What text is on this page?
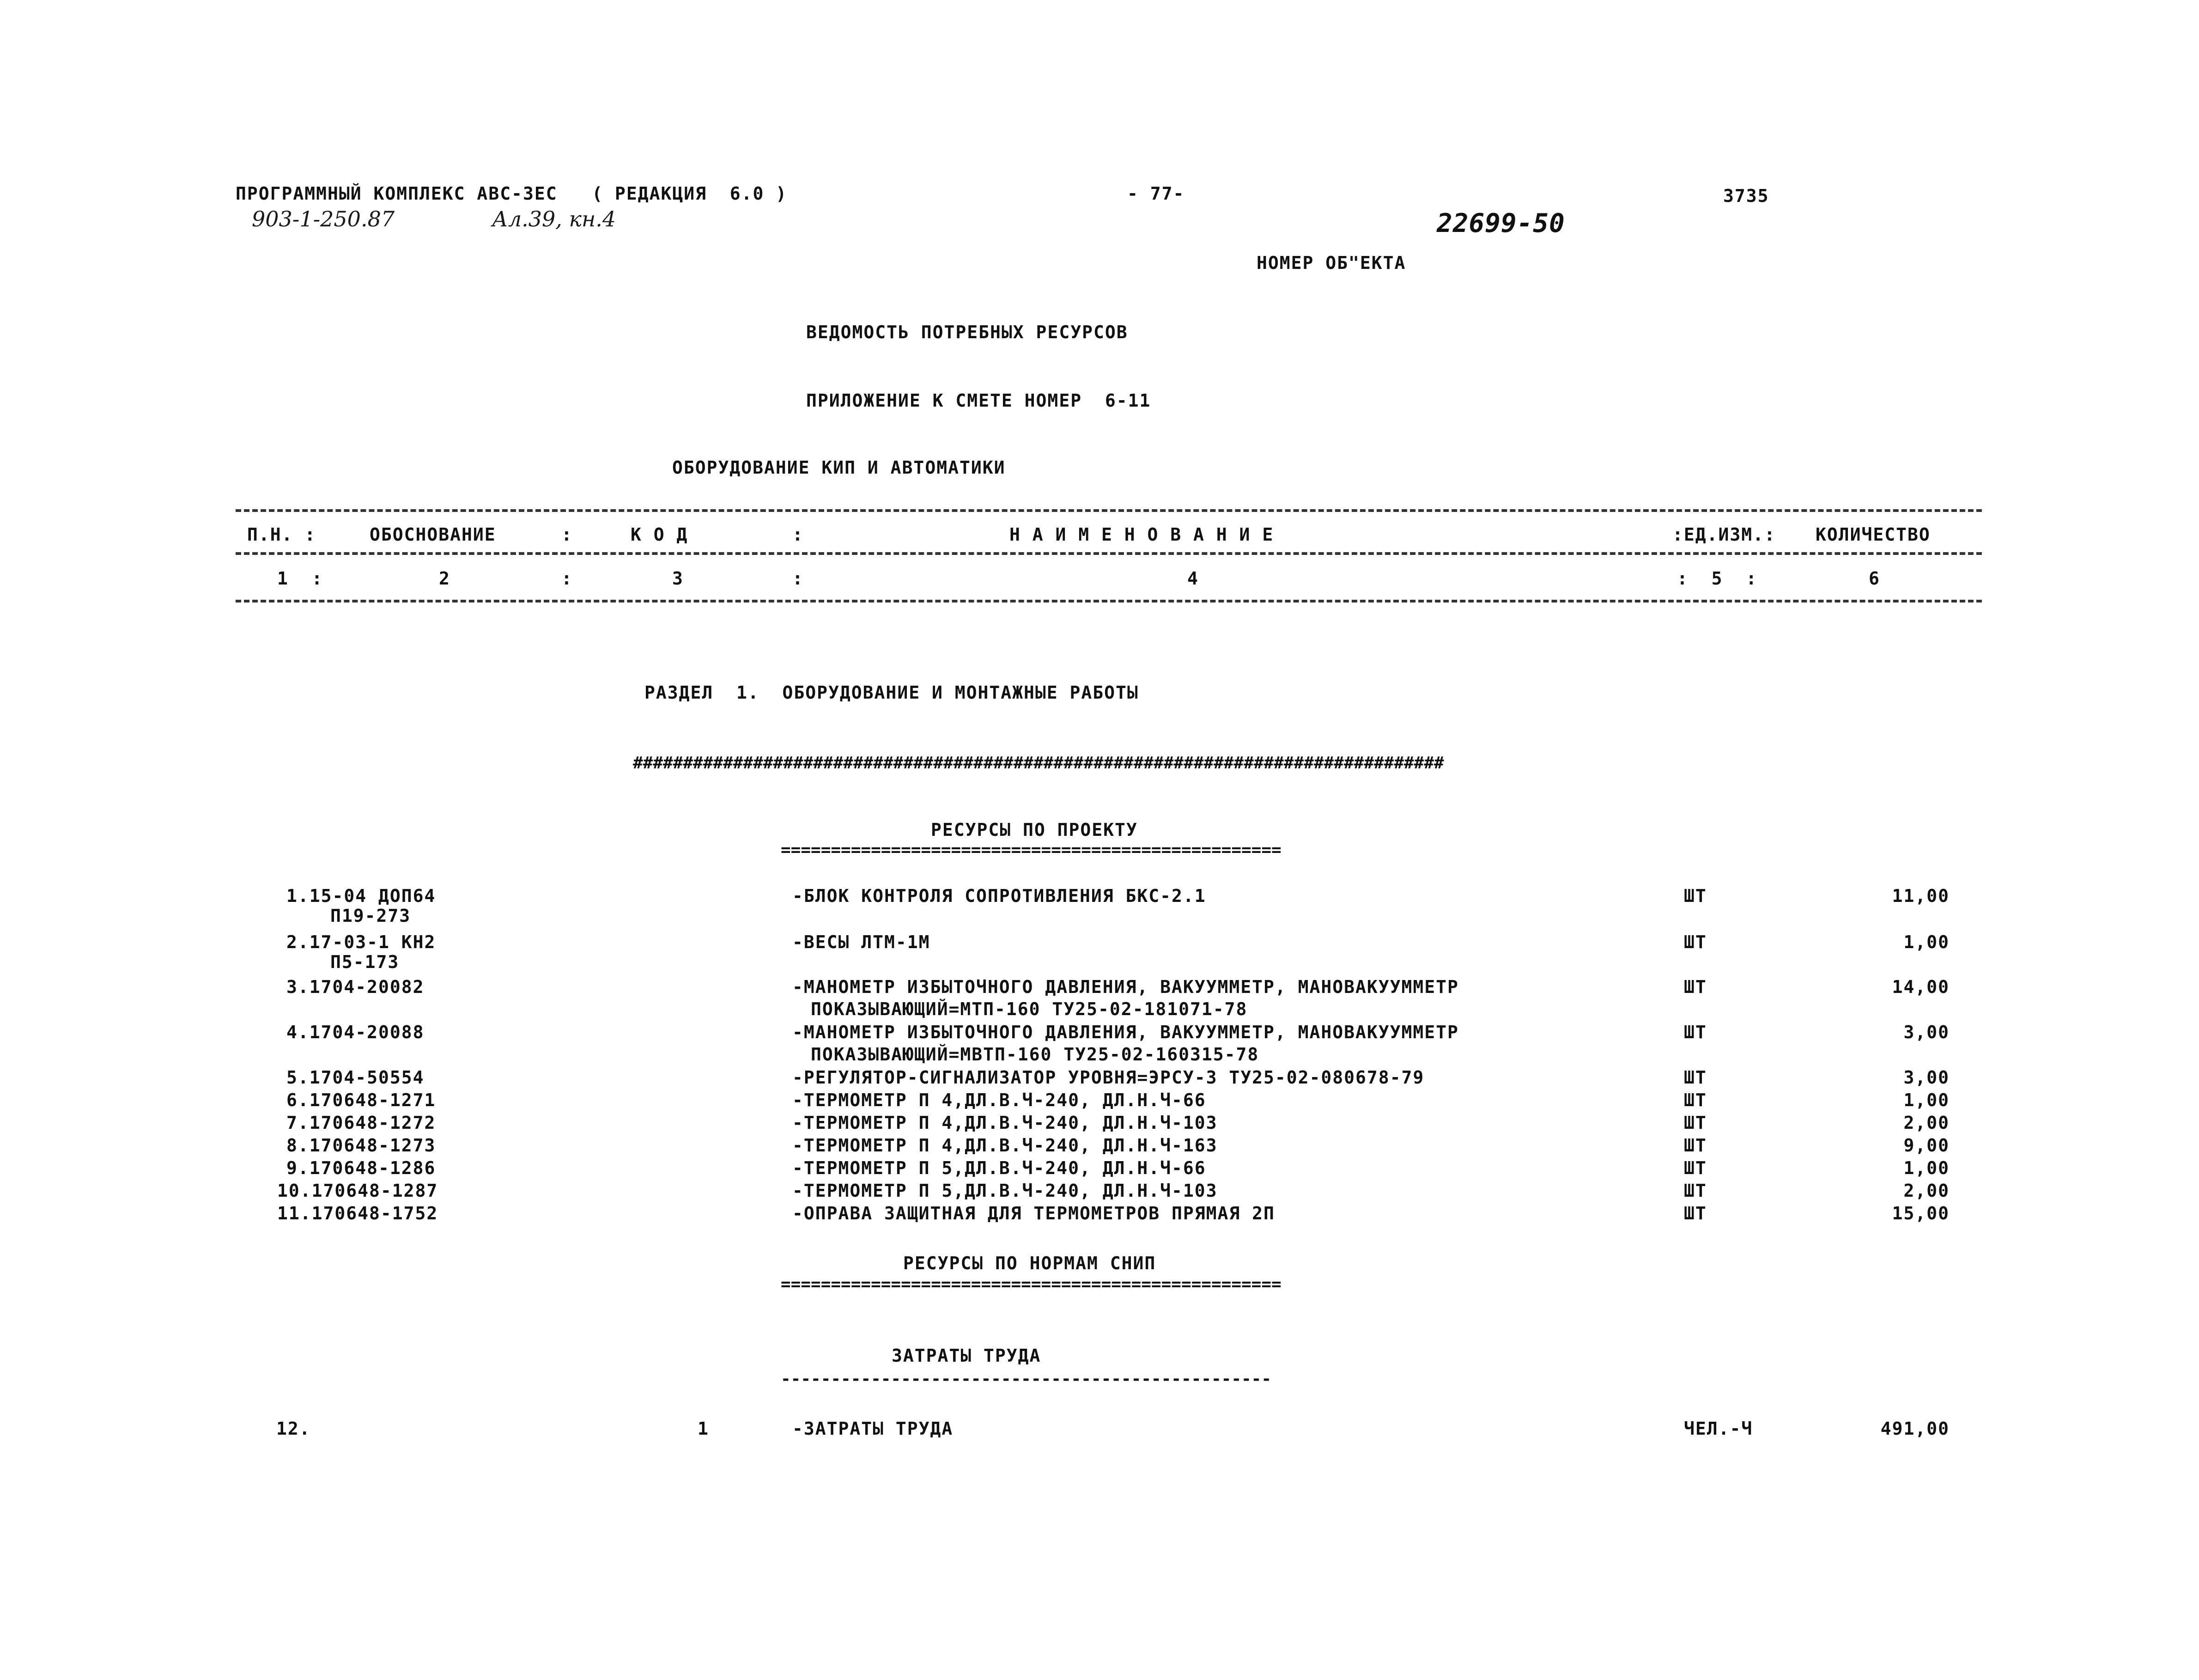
ПРОГРАММНЫЙ КОМПЛЕКС АВС-ЗЕС   ( РЕДАКЦИЯ  6.0 )	- 77-	3735
903-1-250.87	Ал.39, кн.4	22699-50
НОМЕР ОБ"ЕКТА
ВЕДОМОСТЬ ПОТРЕБНЫХ РЕСУРСОВ
ПРИЛОЖЕНИЕ К СМЕТЕ НОМЕР  6-11
ОБОРУДОВАНИЕ КИП И АВТОМАТИКИ
П.Н. :	ОБОСНОВАНИЕ	:	К О Д	:	Н А И М Е Н О В А Н И Е	:ЕД.ИЗМ.: КОЛИЧЕСТВО
1  :	2	:	3	:	4	:  5  :	6
РАЗДЕЛ  1.  ОБОРУДОВАНИЕ И МОНТАЖНЫЕ РАБОТЫ
#################################################################################
РЕСУРСЫ ПО ПРОЕКТУ
==================================================
1.15-04 ДОП64
П19-273
-БЛОК КОНТРОЛЯ СОПРОТИВЛЕНИЯ БКС-2.1	ШТ	11,00
2.17-03-1 КН2
П5-173
-ВЕСЫ ЛТМ-1М	ШТ	1,00
3.1704-20082	-МАНОМЕТР ИЗБЫТОЧНОГО ДАВЛЕНИЯ, ВАКУУММЕТР, МАНОВАКУУММЕТР
ПОКАЗЫВАЮЩИЙ=МТП-160 ТУ25-02-181071-78
ШТ	14,00
4.1704-20088	-МАНОМЕТР ИЗБЫТОЧНОГО ДАВЛЕНИЯ, ВАКУУММЕТР, МАНОВАКУУММЕТР
ПОКАЗЫВАЮЩИЙ=МВТП-160 ТУ25-02-160315-78
ШТ	3,00
5.1704-50554	-РЕГУЛЯТОР-СИГНАЛИЗАТОР УРОВНЯ=ЭРСУ-3 ТУ25-02-080678-79	ШТ	3,00
6.170648-1271	-ТЕРМОМЕТР П 4,ДЛ.В.Ч-240, ДЛ.Н.Ч-66	ШТ	1,00
7.170648-1272	-ТЕРМОМЕТР П 4,ДЛ.В.Ч-240, ДЛ.Н.Ч-103	ШТ	2,00
8.170648-1273	-ТЕРМОМЕТР П 4,ДЛ.В.Ч-240, ДЛ.Н.Ч-163	ШТ	9,00
9.170648-1286	-ТЕРМОМЕТР П 5,ДЛ.В.Ч-240, ДЛ.Н.Ч-66	ШТ	1,00
10.170648-1287	-ТЕРМОМЕТР П 5,ДЛ.В.Ч-240, ДЛ.Н.Ч-103	ШТ	2,00
11.170648-1752	-ОПРАВА ЗАЩИТНАЯ ДЛЯ ТЕРМОМЕТРОВ ПРЯМАЯ 2П	ШТ	15,00
РЕСУРСЫ ПО НОРМАМ СНИП
==================================================
ЗАТРАТЫ ТРУДА
-------------------------------------------------
12.	1	-ЗАТРАТЫ ТРУДА	ЧЕЛ.-Ч	491,00
